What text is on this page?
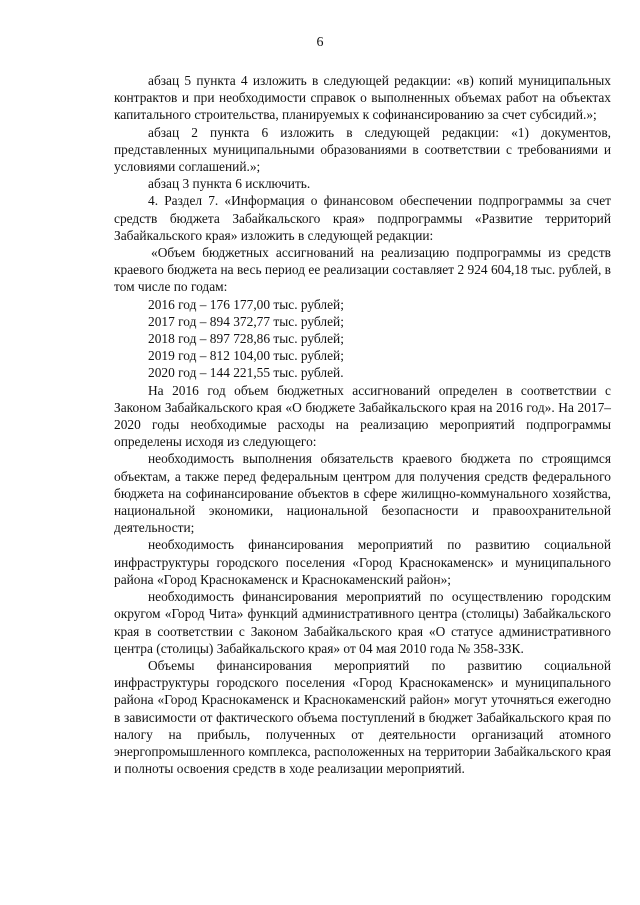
6

абзац 5 пункта 4 изложить в следующей редакции: «в) копий муниципальных контрактов и при необходимости справок о выполненных объемах работ на объектах капитального строительства, планируемых к софинансированию за счет субсидий.»;

абзац 2 пункта 6 изложить в следующей редакции: «1) документов, представленных муниципальными образованиями в соответствии с требованиями и условиями соглашений.»;

абзац 3 пункта 6 исключить.

4. Раздел 7. «Информация о финансовом обеспечении подпрограммы за счет средств бюджета Забайкальского края» подпрограммы «Развитие территорий Забайкальского края» изложить в следующей редакции:

«Объем бюджетных ассигнований на реализацию подпрограммы из средств краевого бюджета на весь период ее реализации составляет 2 924 604,18 тыс. рублей, в том числе по годам:

2016 год – 176 177,00 тыс. рублей;

2017 год – 894 372,77 тыс. рублей;

2018 год – 897 728,86 тыс. рублей;

2019 год – 812 104,00 тыс. рублей;

2020 год – 144 221,55 тыс. рублей.

На 2016 год объем бюджетных ассигнований определен в соответствии с Законом Забайкальского края «О бюджете Забайкальского края на 2016 год». На 2017–2020 годы необходимые расходы на реализацию мероприятий подпрограммы определены исходя из следующего:

необходимость выполнения обязательств краевого бюджета по строящимся объектам, а также перед федеральным центром для получения средств федерального бюджета на софинансирование объектов в сфере жилищно-коммунального хозяйства, национальной экономики, национальной безопасности и правоохранительной деятельности;

необходимость финансирования мероприятий по развитию социальной инфраструктуры городского поселения «Город Краснокаменск» и муниципального района «Город Краснокаменск и Краснокаменский район»;

необходимость финансирования мероприятий по осуществлению городским округом «Город Чита» функций административного центра (столицы) Забайкальского края в соответствии с Законом Забайкальского края «О статусе административного центра (столицы) Забайкальского края» от 04 мая 2010 года № 358-ЗЗК.

Объемы финансирования мероприятий по развитию социальной инфраструктуры городского поселения «Город Краснокаменск» и муниципального района «Город Краснокаменск и Краснокаменский район» могут уточняться ежегодно в зависимости от фактического объема поступлений в бюджет Забайкальского края по налогу на прибыль, полученных от деятельности организаций атомного энергопромышленного комплекса, расположенных на территории Забайкальского края и полноты освоения средств в ходе реализации мероприятий.
